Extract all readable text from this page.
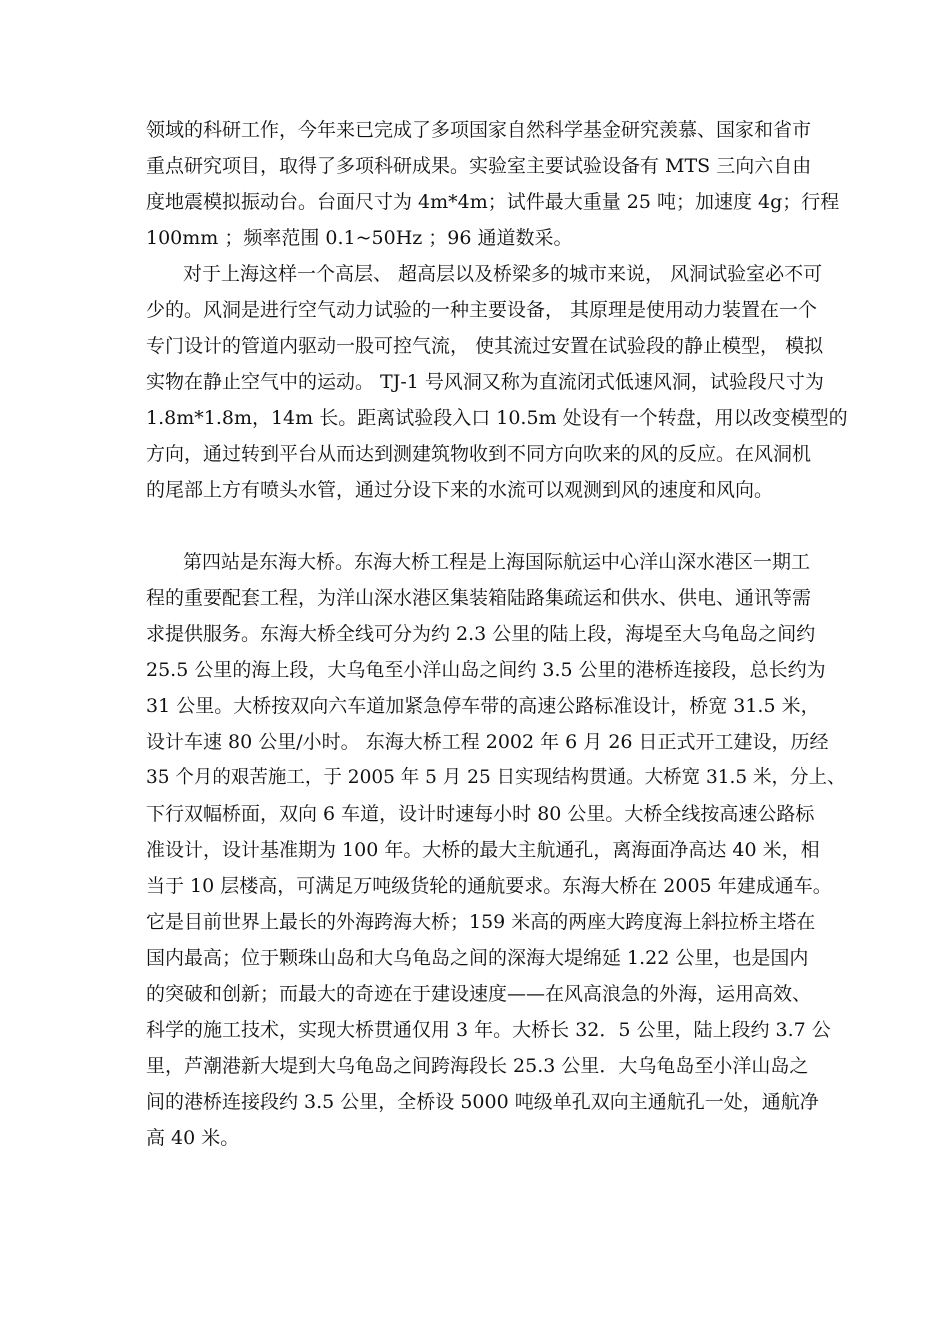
领域的科研工作，今年来已完成了多项国家自然科学基金研究羡慕、国家和省市
重点研究项目，取得了多项科研成果。实验室主要试验设备有 MTS 三向六自由
度地震模拟振动台。台面尺寸为 4m*4m；试件最大重量 25 吨；加速度 4g；行程
100mm ；频率范围 0.1~50Hz ；96 通道数采。
对于上海这样一个高层、 超高层以及桥梁多的城市来说， 风洞试验室必不可
少的。风洞是进行空气动力试验的一种主要设备， 其原理是使用动力装置在一个
专门设计的管道内驱动一股可控气流， 使其流过安置在试验段的静止模型， 模拟
实物在静止空气中的运动。 TJ-1 号风洞又称为直流闭式低速风洞，试验段尺寸为
1.8m*1.8m，14m 长。距离试验段入口 10.5m 处设有一个转盘，用以改变模型的
方向，通过转到平台从而达到测建筑物收到不同方向吹来的风的反应。在风洞机
的尾部上方有喷头水管，通过分设下来的水流可以观测到风的速度和风向。
第四站是东海大桥。东海大桥工程是上海国际航运中心洋山深水港区一期工
程的重要配套工程，为洋山深水港区集装箱陆路集疏运和供水、供电、通讯等需
求提供服务。东海大桥全线可分为约 2.3 公里的陆上段，海堤至大乌龟岛之间约
25.5 公里的海上段，大乌龟至小洋山岛之间约 3.5 公里的港桥连接段，总长约为
31 公里。大桥按双向六车道加紧急停车带的高速公路标准设计，桥宽 31.5 米，
设计车速 80 公里/小时。 东海大桥工程 2002 年 6 月 26 日正式开工建设，历经
35 个月的艰苦施工，于 2005 年 5 月 25 日实现结构贯通。大桥宽 31.5 米，分上、
下行双幅桥面，双向 6 车道，设计时速每小时 80 公里。大桥全线按高速公路标
准设计，设计基准期为 100 年。大桥的最大主航通孔，离海面净高达 40 米，相
当于 10 层楼高，可满足万吨级货轮的通航要求。东海大桥在 2005 年建成通车。
它是目前世界上最长的外海跨海大桥；159 米高的两座大跨度海上斜拉桥主塔在
国内最高；位于颗珠山岛和大乌龟岛之间的深海大堤绵延 1.22 公里，也是国内
的突破和创新；而最大的奇迹在于建设速度——在风高浪急的外海，运用高效、
科学的施工技术，实现大桥贯通仅用 3 年。大桥长 32．5 公里，陆上段约 3.7 公
里，芦潮港新大堤到大乌龟岛之间跨海段长 25.3 公里．大乌龟岛至小洋山岛之
间的港桥连接段约 3.5 公里，全桥设 5000 吨级单孔双向主通航孔一处，通航净
高 40 米。
